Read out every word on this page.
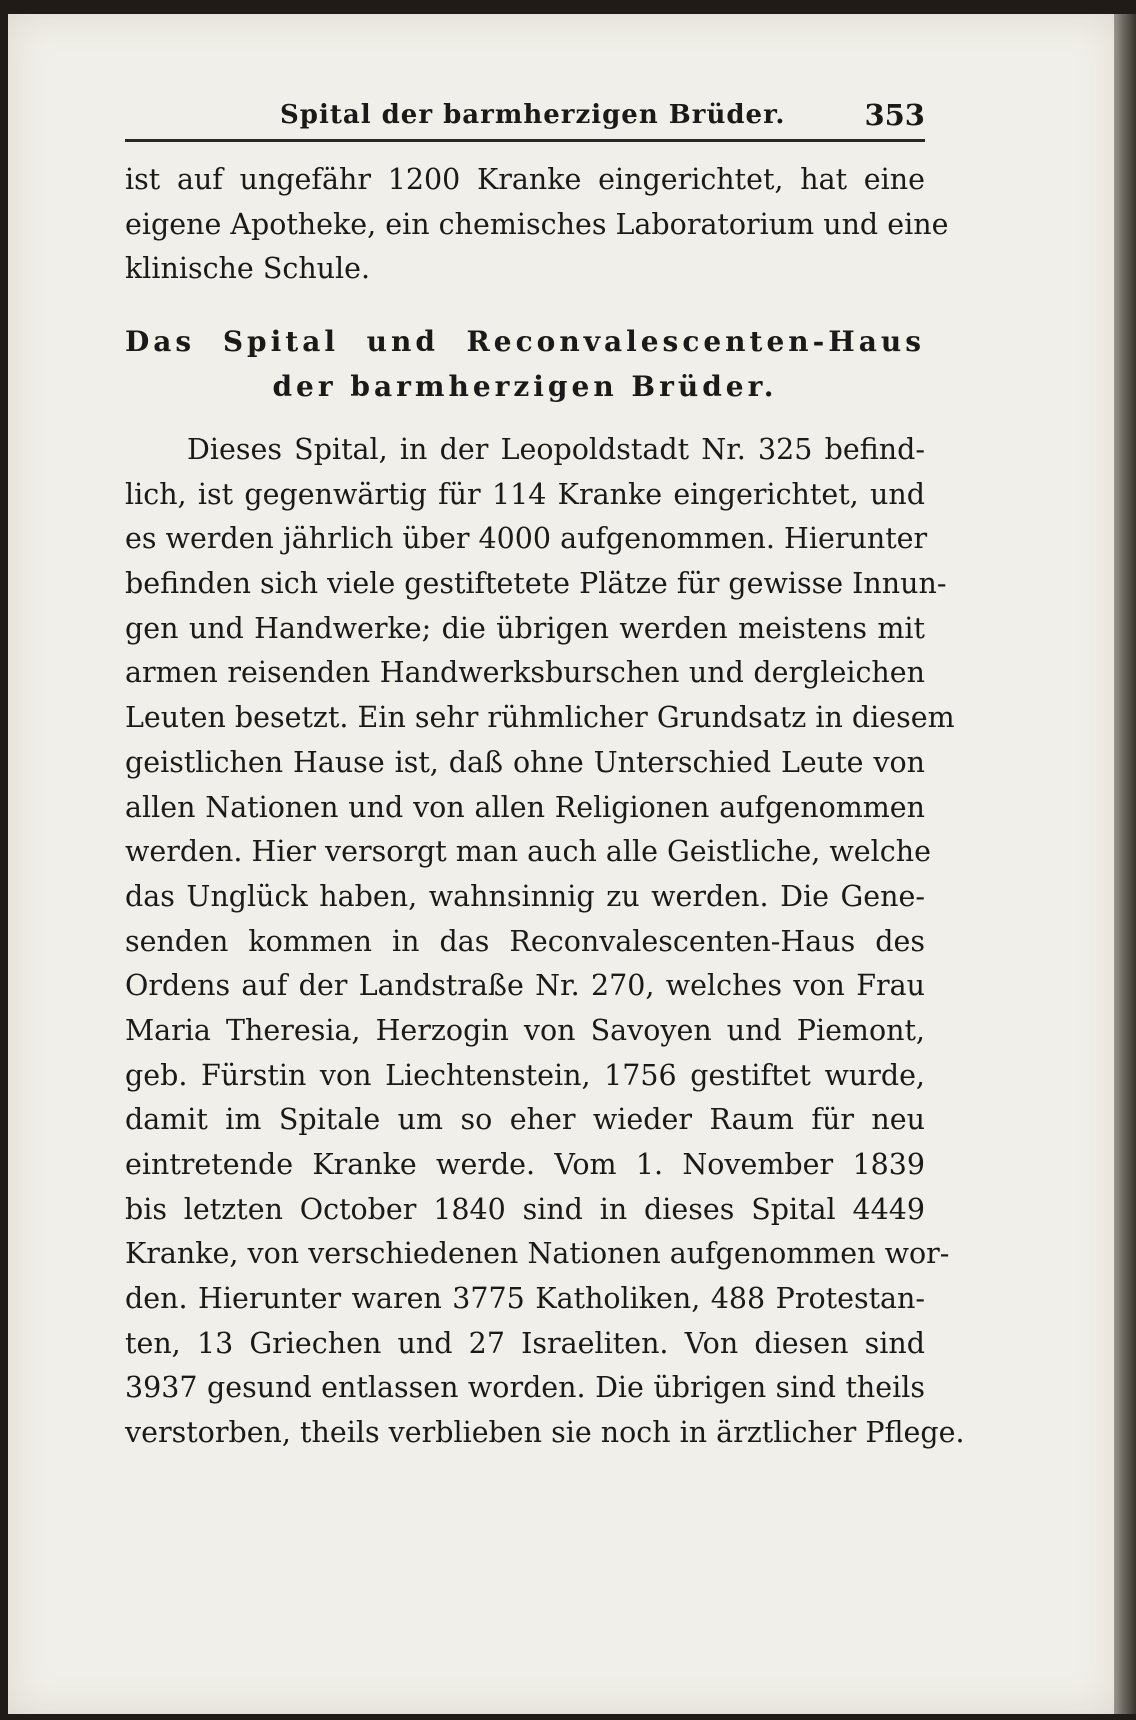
Spital der barmherzigen Brüder.	353
ist auf ungefähr 1200 Kranke eingerichtet, hat eine
eigene Apotheke, ein chemisches Laboratorium und eine
klinische Schule.
Das Spital und Reconvalescenten-Haus
der barmherzigen Brüder.
Dieses Spital, in der Leopoldstadt Nr. 325 befind-
lich, ist gegenwärtig für 114 Kranke eingerichtet, und
es werden jährlich über 4000 aufgenommen. Hierunter
befinden sich viele gestiftetete Plätze für gewisse Innun-
gen und Handwerke; die übrigen werden meistens mit
armen reisenden Handwerksburschen und dergleichen
Leuten besetzt. Ein sehr rühmlicher Grundsatz in diesem
geistlichen Hause ist, daß ohne Unterschied Leute von
allen Nationen und von allen Religionen aufgenommen
werden. Hier versorgt man auch alle Geistliche, welche
das Unglück haben, wahnsinnig zu werden. Die Gene-
senden kommen in das Reconvalescenten-Haus des
Ordens auf der Landstraße Nr. 270, welches von Frau
Maria Theresia, Herzogin von Savoyen und Piemont,
geb. Fürstin von Liechtenstein, 1756 gestiftet wurde,
damit im Spitale um so eher wieder Raum für neu
eintretende Kranke werde. Vom 1. November 1839
bis letzten October 1840 sind in dieses Spital 4449
Kranke, von verschiedenen Nationen aufgenommen wor-
den. Hierunter waren 3775 Katholiken, 488 Protestan-
ten, 13 Griechen und 27 Israeliten. Von diesen sind
3937 gesund entlassen worden. Die übrigen sind theils
verstorben, theils verblieben sie noch in ärztlicher Pflege.
